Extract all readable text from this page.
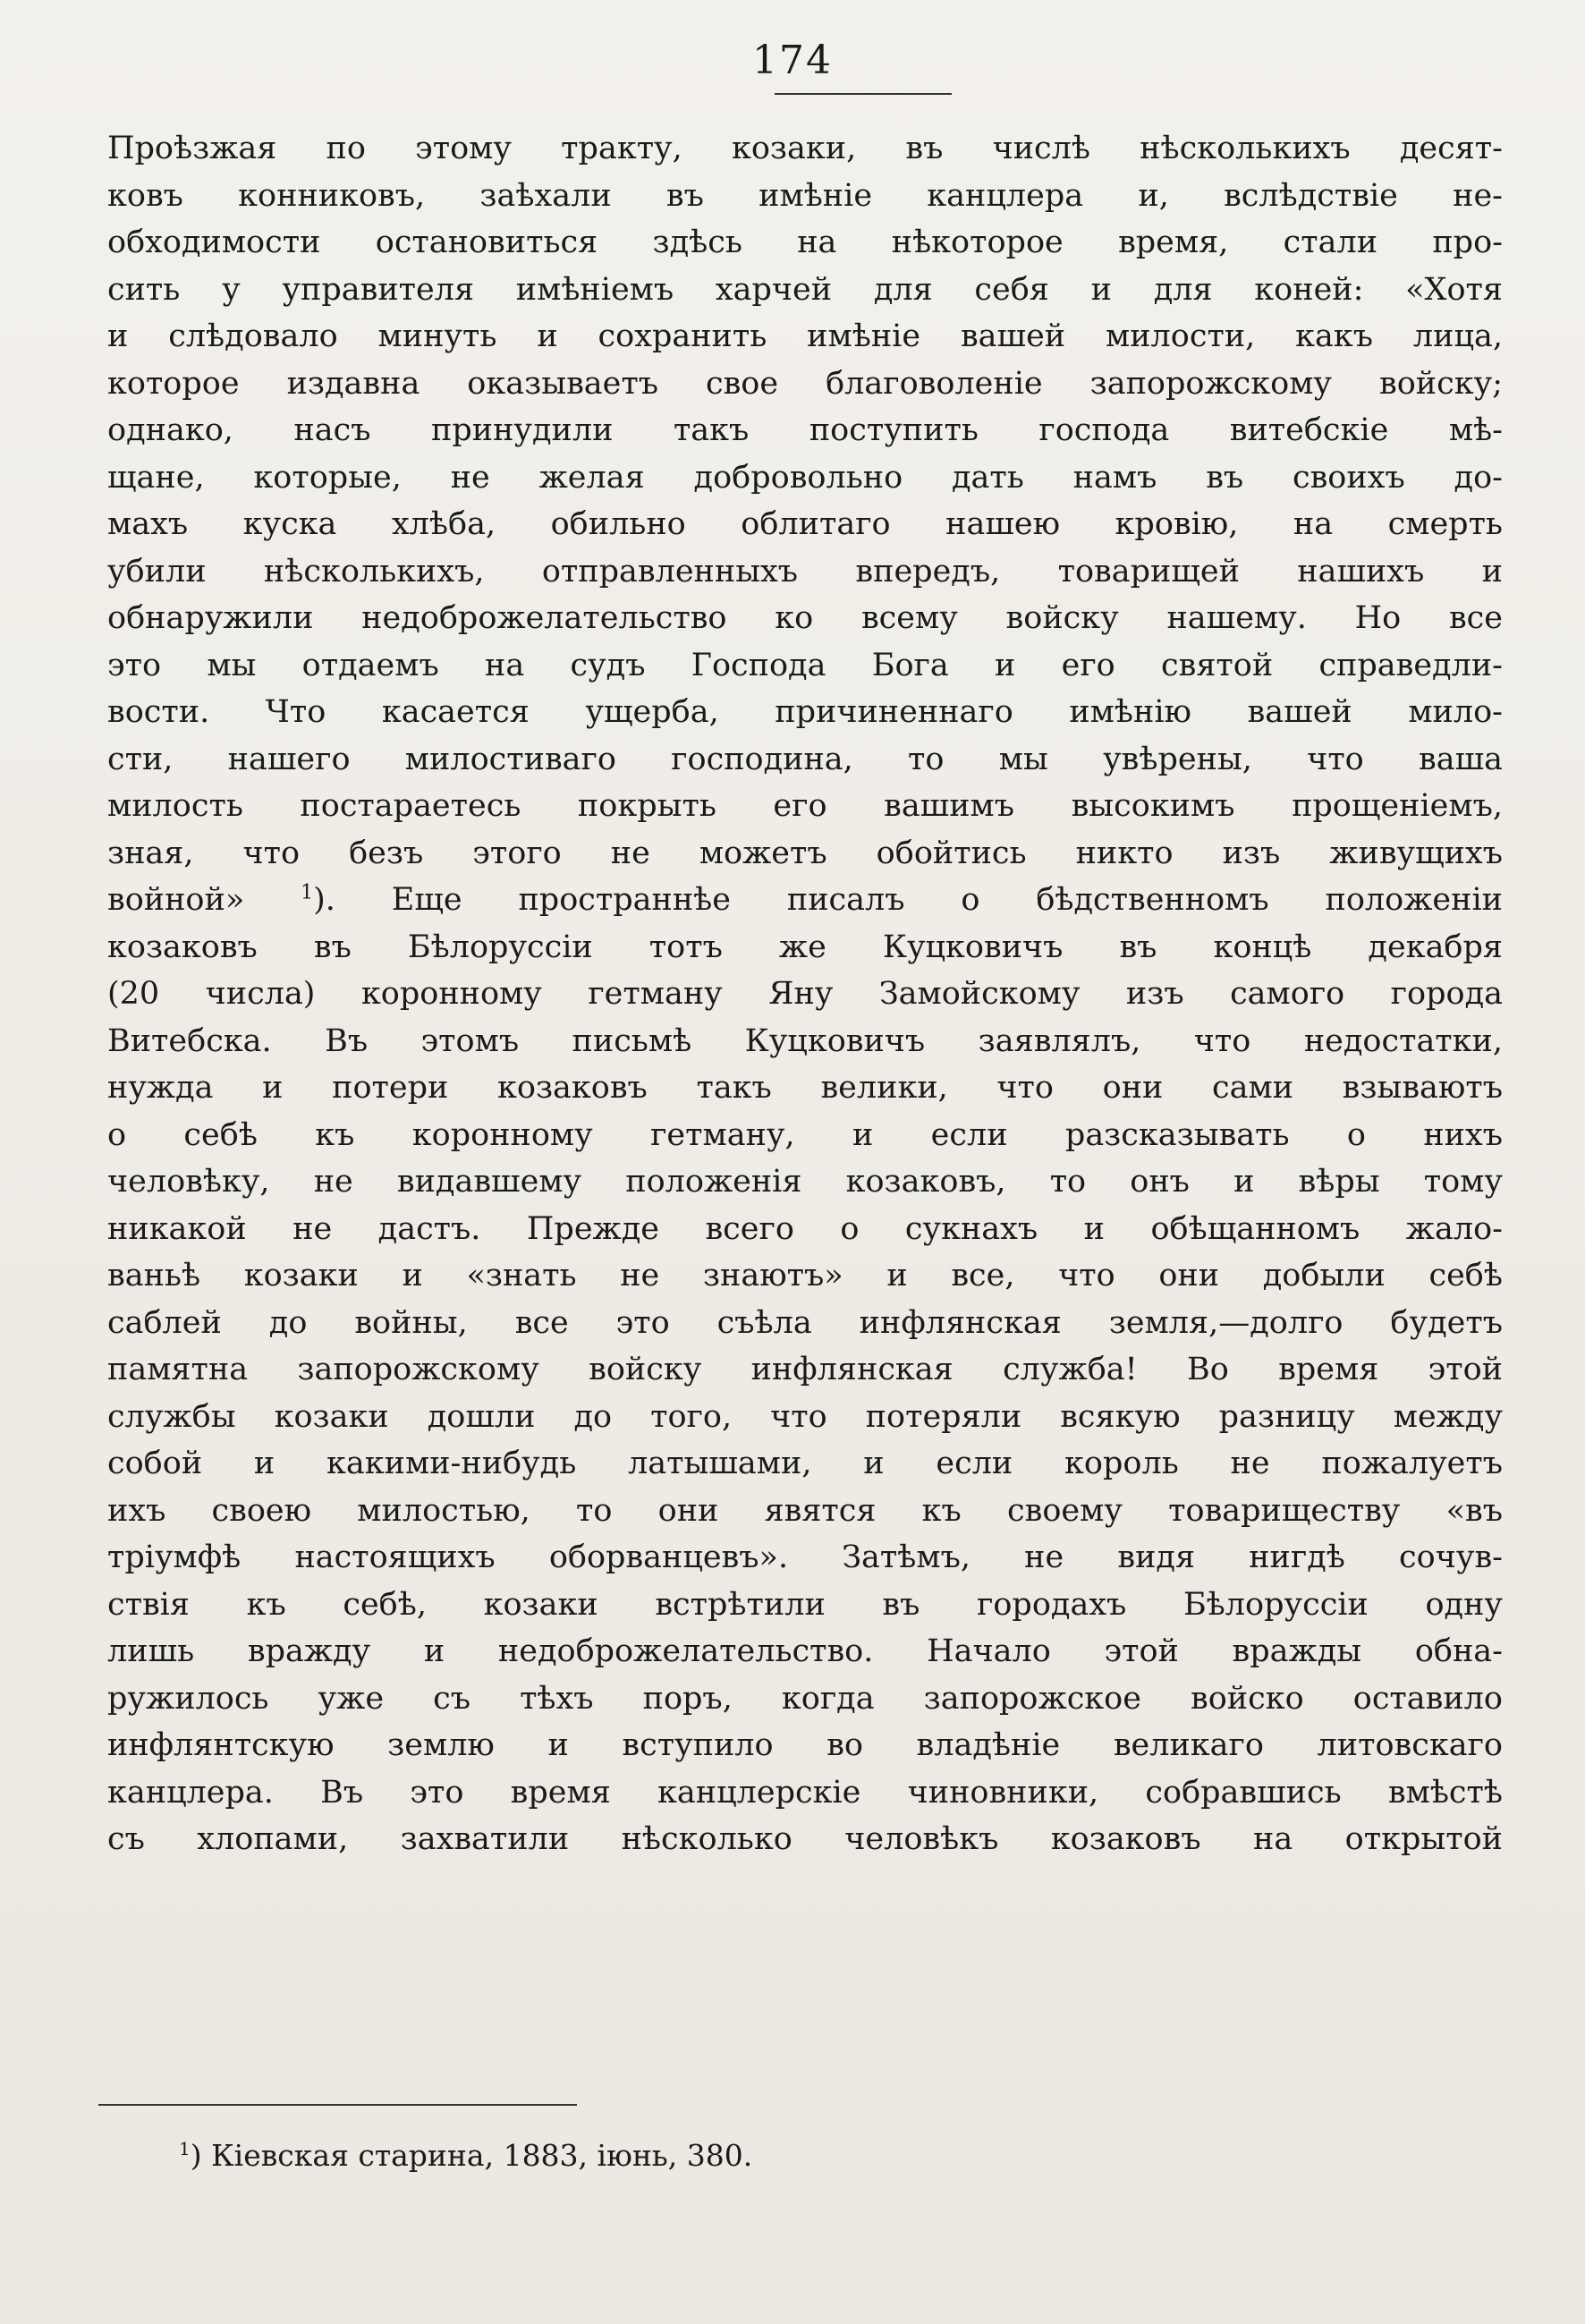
174
Проѣзжая по этому тракту, козаки, въ числѣ нѣсколькихъ десят-
ковъ конниковъ, заѣхали въ имѣніе канцлера и, вслѣдствіе не-
обходимости остановиться здѣсь на нѣкоторое время, стали про-
сить у управителя имѣніемъ харчей для себя и для коней: «Хотя
и слѣдовало минуть и сохранить имѣніе вашей милости, какъ лица,
которое издавна оказываетъ свое благоволеніе запорожскому войску;
однако, насъ принудили такъ поступить господа витебскіе мѣ-
щане, которые, не желая добровольно дать намъ въ своихъ до-
махъ куска хлѣба, обильно облитаго нашею кровію, на смерть
убили нѣсколькихъ, отправленныхъ впередъ, товарищей нашихъ и
обнаружили недоброжелательство ко всему войску нашему. Но все
это мы отдаемъ на судъ Господа Бога и его святой справедли-
вости. Что касается ущерба, причиненнаго имѣнію вашей мило-
сти, нашего милостиваго господина, то мы увѣрены, что ваша
милость постараетесь покрыть его вашимъ высокимъ прощеніемъ,
зная, что безъ этого не можетъ обойтись никто изъ живущихъ
войной»	$^1$). Еще пространнѣе писалъ о бѣдственномъ положеніи
козаковъ въ Бѣлоруссіи тотъ же Куцковичъ въ концѣ декабря
(20 числа) коронному гетману Яну Замойскому изъ самого города
Витебска. Въ этомъ письмѣ Куцковичъ заявлялъ, что недостатки,
нужда и потери козаковъ такъ велики, что они сами взываютъ
о себѣ къ коронному гетману, и если разсказывать о нихъ
человѣку, не видавшему положенія козаковъ, то онъ и вѣры тому
никакой не дастъ. Прежде всего о сукнахъ и обѣщанномъ жало-
ваньѣ козаки и «знать не знаютъ» и все, что они добыли себѣ
саблей до войны, все это съѣла инфлянская земля,—долго будетъ
памятна запорожскому войску инфлянская служба! Во время этой
службы козаки дошли до того, что потеряли всякую разницу между
собой и какими-нибудь латышами, и если король не пожалуетъ
ихъ своею милостью, то они явятся къ своему товариществу «въ
тріумфѣ настоящихъ оборванцевъ». Затѣмъ, не видя нигдѣ сочув-
ствія къ себѣ, козаки встрѣтили въ городахъ Бѣлоруссіи одну
лишь вражду и недоброжелательство. Начало этой вражды обна-
ружилось уже съ тѣхъ поръ, когда запорожское войско оставило
инфлянтскую землю и вступило во владѣніе великаго литовскаго
канцлера. Въ это время канцлерскіе чиновники, собравшись вмѣстѣ
съ хлопами, захватили нѣсколько человѣкъ козаковъ на открытой
$^1$) Кіевская старина, 1883, іюнь, 380.
